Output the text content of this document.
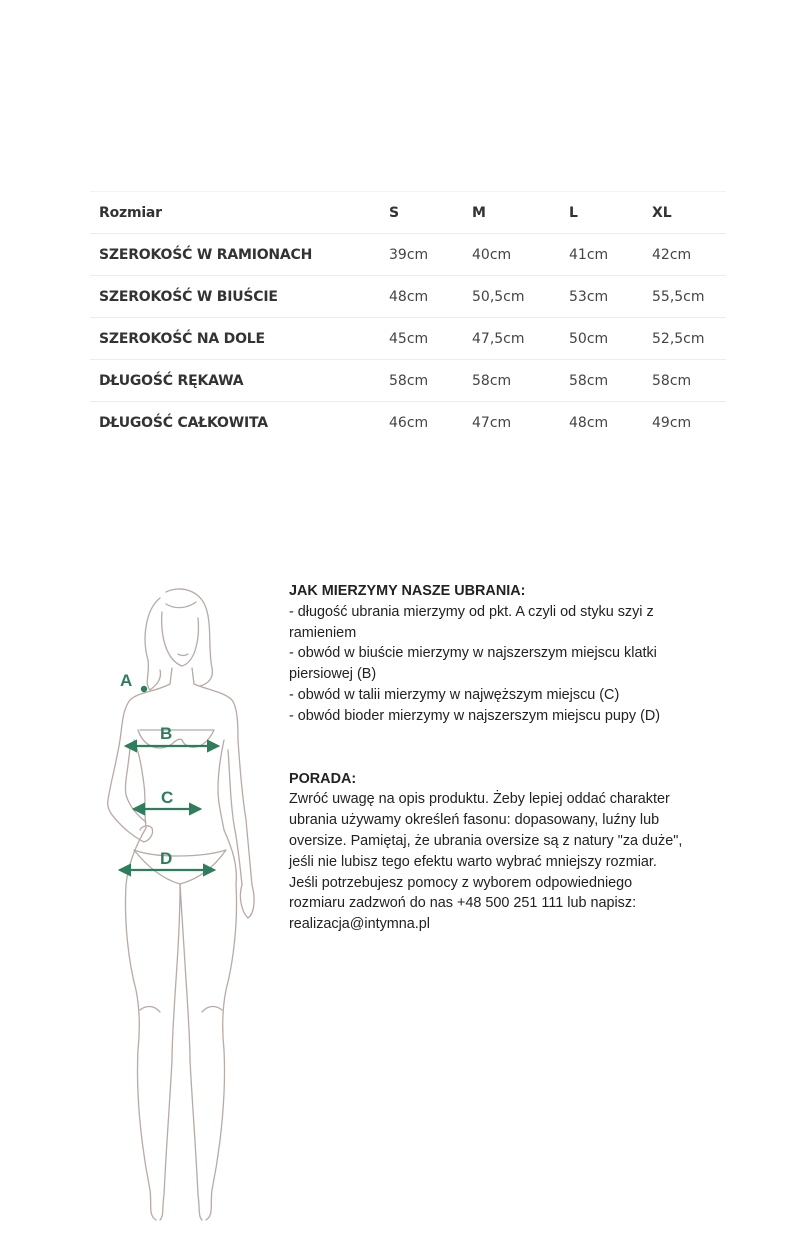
Rozmiar	S	M	L	XL
SZEROKOŚĆ W RAMIONACH	39cm	40cm	41cm	42cm
SZEROKOŚĆ W BIUŚCIE	48cm	50,5cm	53cm	55,5cm
SZEROKOŚĆ NA DOLE	45cm	47,5cm	50cm	52,5cm
DŁUGOŚĆ RĘKAWA	58cm	58cm	58cm	58cm
DŁUGOŚĆ CAŁKOWITA	46cm	47cm	48cm	49cm
A
B
C
D
JAK MIERZYMY NASZE UBRANIA:
- długość ubrania mierzymy od pkt. A czyli od styku szyi z
ramieniem
- obwód w biuście mierzymy w najszerszym miejscu klatki
piersiowej (B)
- obwód w talii mierzymy w najwęższym miejscu (C)
- obwód bioder mierzymy w najszerszym miejscu pupy (D)
PORADA:
Zwróć uwagę na opis produktu. Żeby lepiej oddać charakter
ubrania używamy określeń fasonu: dopasowany, luźny lub
oversize. Pamiętaj, że ubrania oversize są z natury "za duże",
jeśli nie lubisz tego efektu warto wybrać mniejszy rozmiar.
Jeśli potrzebujesz pomocy z wyborem odpowiedniego
rozmiaru zadzwoń do nas +48 500 251 111 lub napisz:
realizacja@intymna.pl
